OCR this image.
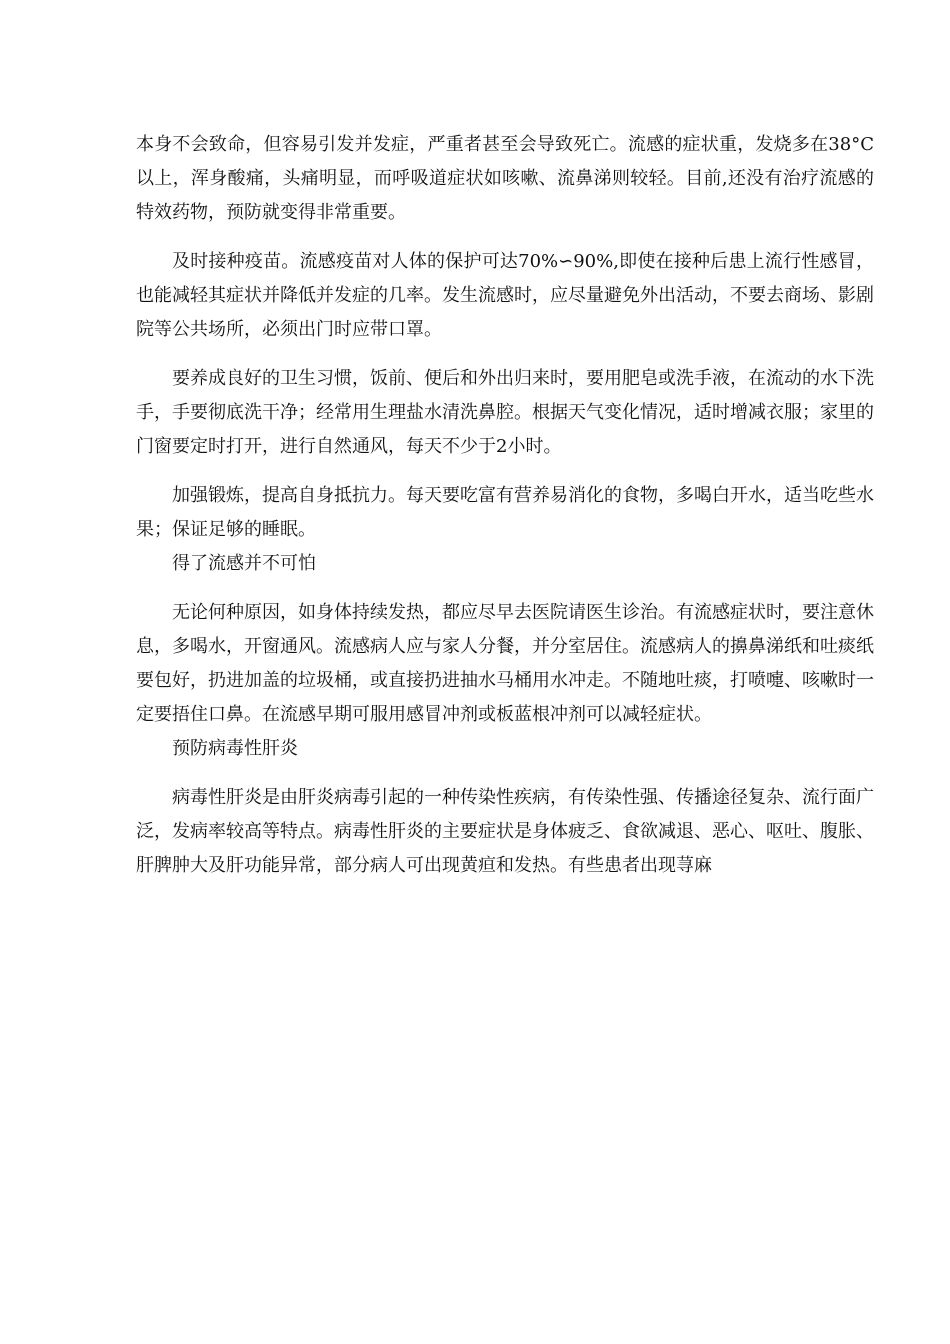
本身不会致命，但容易引发并发症，严重者甚至会导致死亡。流感的症状重，发烧多在38°C以上，浑身酸痛，头痛明显，而呼吸道症状如咳嗽、流鼻涕则较轻。目前,还没有治疗流感的特效药物，预防就变得非常重要。

及时接种疫苗。流感疫苗对人体的保护可达70%∽90%,即使在接种后患上流行性感冒，也能减轻其症状并降低并发症的几率。发生流感时，应尽量避免外出活动，不要去商场、影剧院等公共场所，必须出门时应带口罩。

要养成良好的卫生习惯，饭前、便后和外出归来时，要用肥皂或洗手液，在流动的水下洗手，手要彻底洗干净；经常用生理盐水清洗鼻腔。根据天气变化情况，适时增减衣服；家里的门窗要定时打开，进行自然通风，每天不少于2小时。

加强锻炼，提高自身抵抗力。每天要吃富有营养易消化的食物，多喝白开水，适当吃些水果；保证足够的睡眠。

得了流感并不可怕

无论何种原因，如身体持续发热，都应尽早去医院请医生诊治。有流感症状时，要注意休息，多喝水，开窗通风。流感病人应与家人分餐，并分室居住。流感病人的擤鼻涕纸和吐痰纸要包好，扔进加盖的垃圾桶，或直接扔进抽水马桶用水冲走。不随地吐痰，打喷嚏、咳嗽时一定要捂住口鼻。在流感早期可服用感冒冲剂或板蓝根冲剂可以减轻症状。

预防病毒性肝炎

病毒性肝炎是由肝炎病毒引起的一种传染性疾病，有传染性强、传播途径复杂、流行面广泛，发病率较高等特点。病毒性肝炎的主要症状是身体疲乏、食欲减退、恶心、呕吐、腹胀、肝脾肿大及肝功能异常，部分病人可出现黄疸和发热。有些患者出现荨麻
